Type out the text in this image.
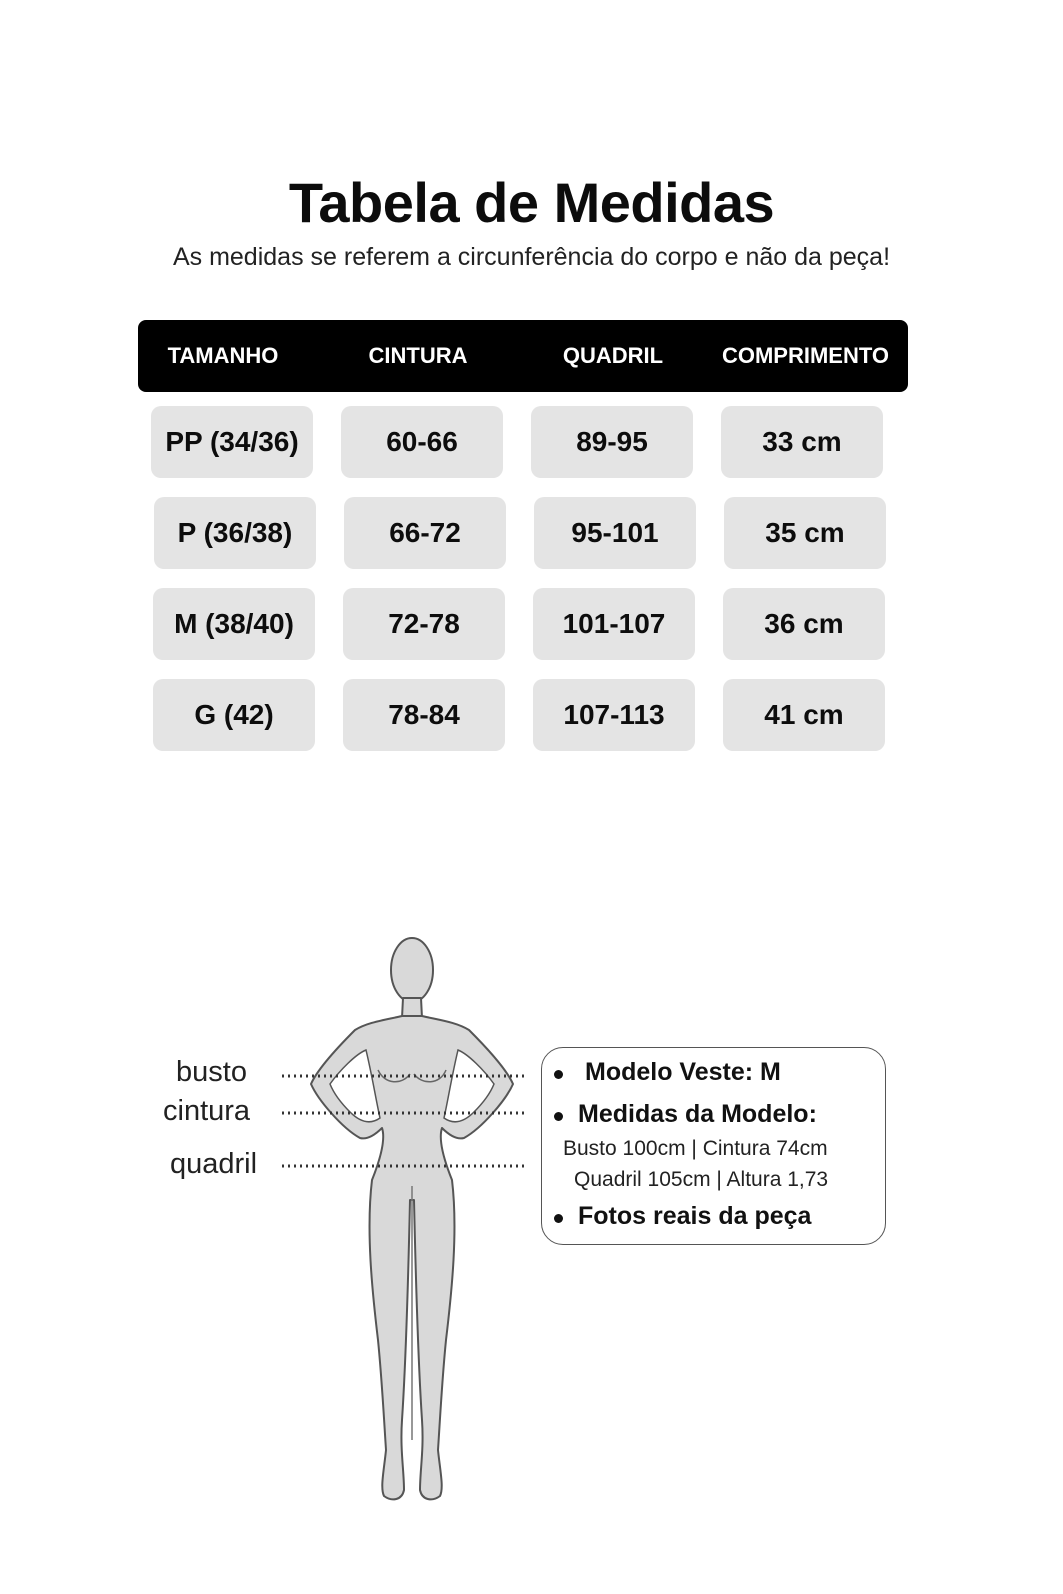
Tabela de Medidas
As medidas se referem a circunferência do corpo e não da peça!
TAMANHO	CINTURA	QUADRIL	COMPRIMENTO
PP (34/36)	60-66	89-95	33 cm
P (36/38)	66-72	95-101	35 cm
M (38/40)	72-78	101-107	36 cm
G (42)	78-84	107-113	41 cm
busto
cintura
quadril
Modelo Veste: M
Medidas da Modelo:
Busto 100cm | Cintura 74cm
Quadril 105cm | Altura 1,73
Fotos reais da peça
